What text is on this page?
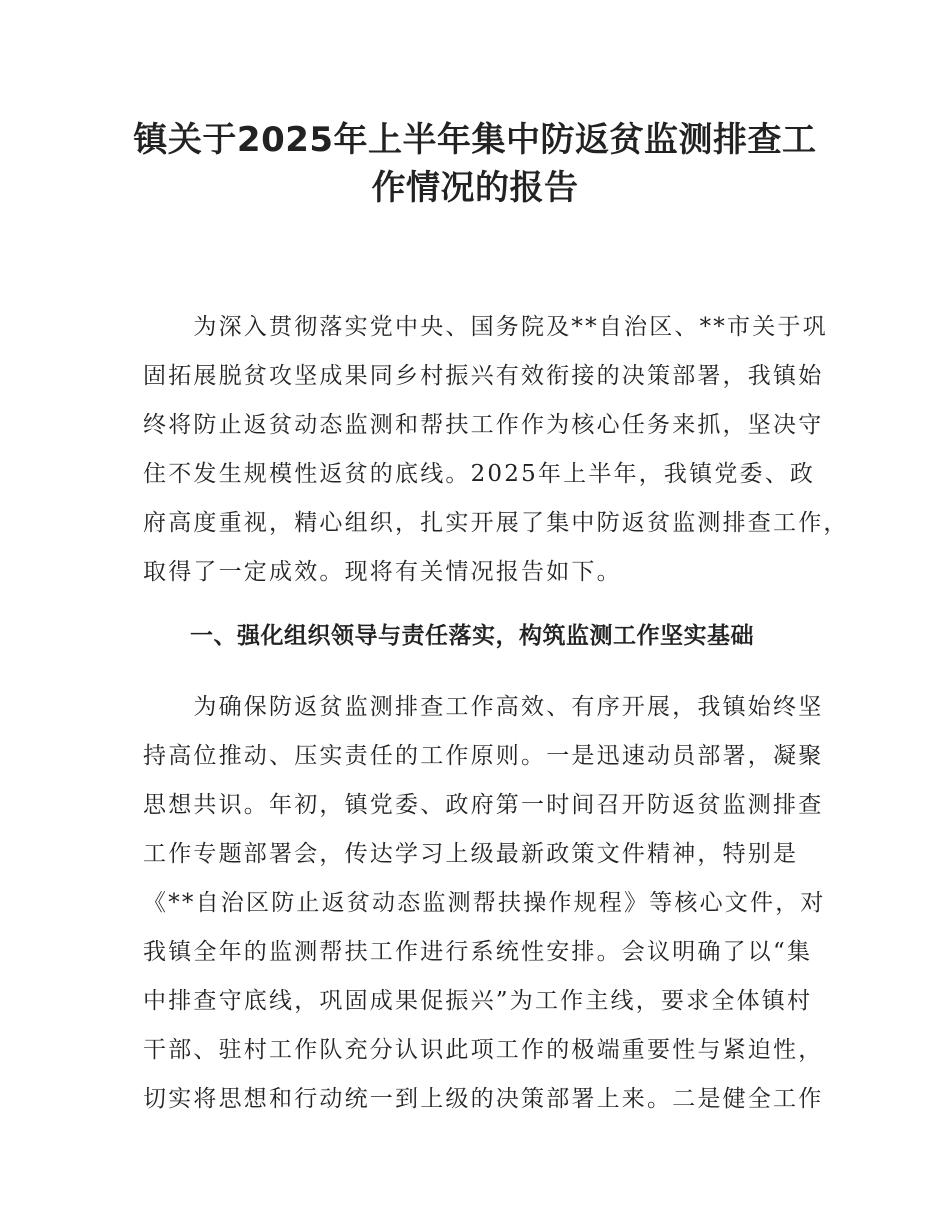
镇关于2025年上半年集中防返贫监测排查工
作情况的报告
　　为深入贯彻落实党中央、国务院及**自治区、**市关于巩
固拓展脱贫攻坚成果同乡村振兴有效衔接的决策部署，我镇始
终将防止返贫动态监测和帮扶工作作为核心任务来抓，坚决守
住不发生规模性返贫的底线。2025年上半年，我镇党委、政
府高度重视，精心组织，扎实开展了集中防返贫监测排查工作，
取得了一定成效。现将有关情况报告如下。
一、强化组织领导与责任落实，构筑监测工作坚实基础
　　为确保防返贫监测排查工作高效、有序开展，我镇始终坚
持高位推动、压实责任的工作原则。一是迅速动员部署，凝聚
思想共识。年初，镇党委、政府第一时间召开防返贫监测排查
工作专题部署会，传达学习上级最新政策文件精神，特别是
《**自治区防止返贫动态监测帮扶操作规程》等核心文件，对
我镇全年的监测帮扶工作进行系统性安排。会议明确了以“集
中排查守底线，巩固成果促振兴”为工作主线，要求全体镇村
干部、驻村工作队充分认识此项工作的极端重要性与紧迫性，
切实将思想和行动统一到上级的决策部署上来。二是健全工作
